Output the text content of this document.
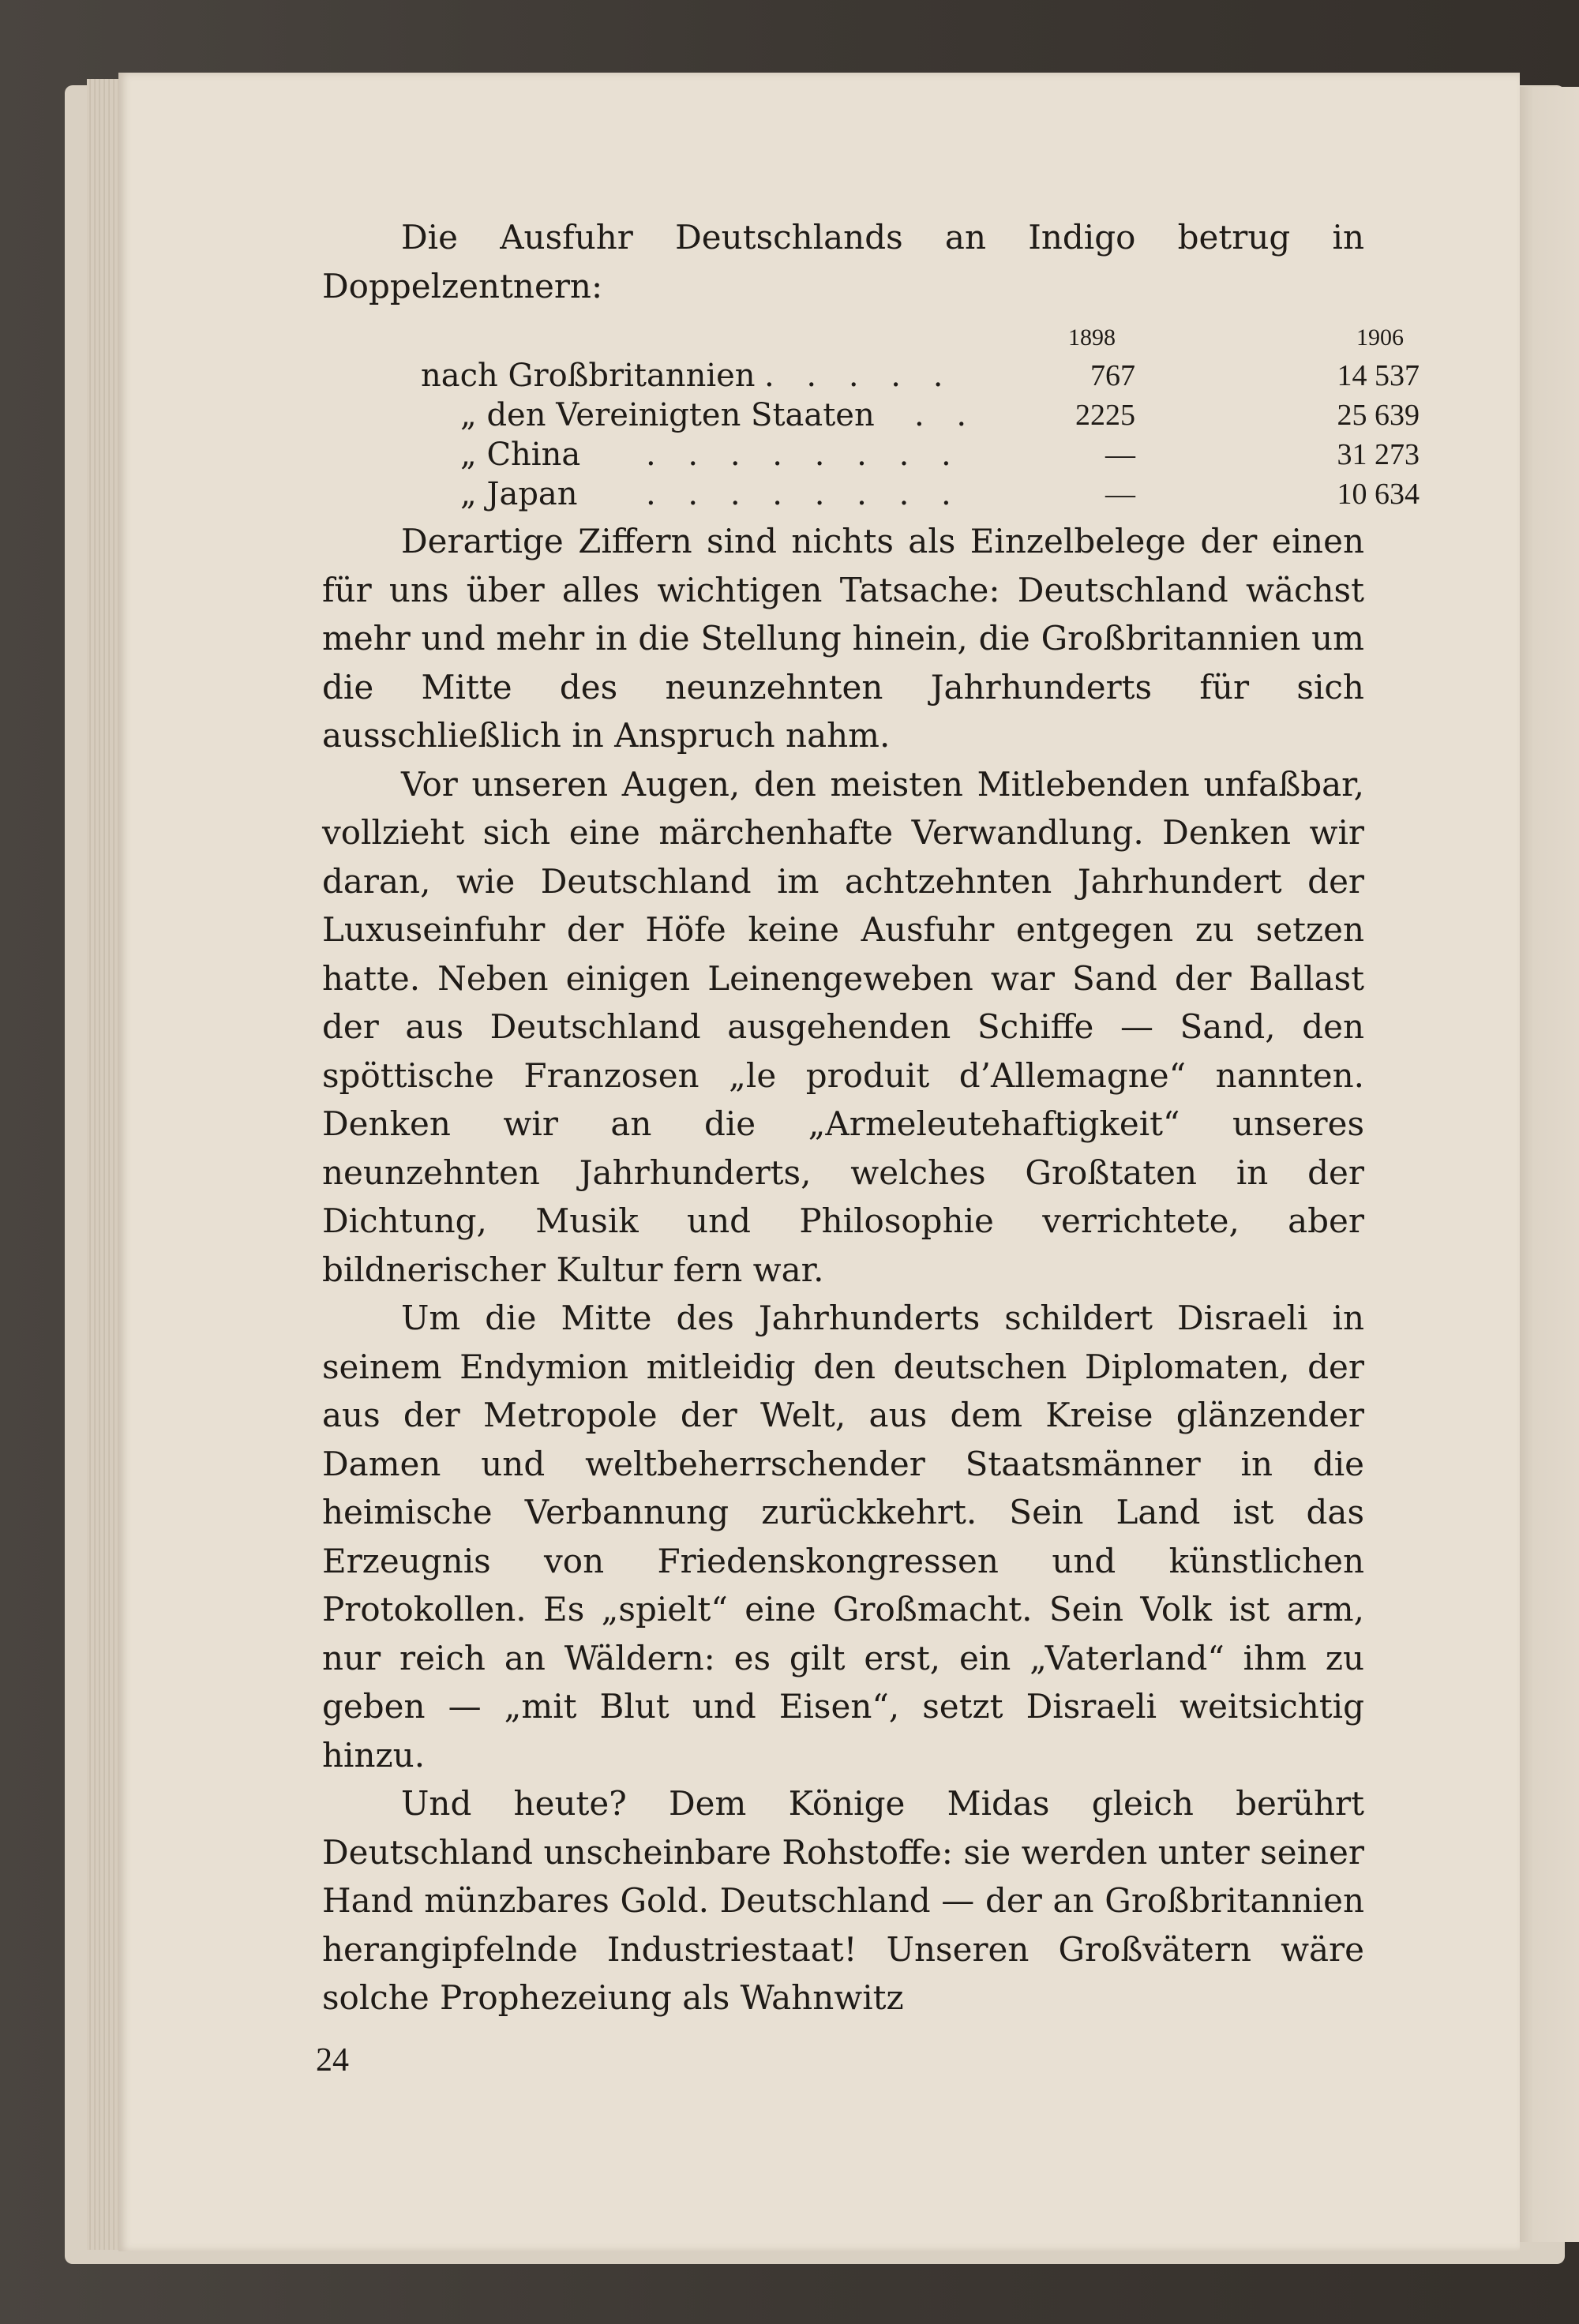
Die Ausfuhr Deutschlands an Indigo betrug in Doppelzentnern:

1898	1906
nach Großbritannien . . . . .	767	14 537
„ den Vereinigten Staaten . .	2225	25 639
„ China . . . . . . . .	—	31 273
„ Japan . . . . . . . .	—	10 634

Derartige Ziffern sind nichts als Einzelbelege der einen für uns über alles wichtigen Tatsache: Deutschland wächst mehr und mehr in die Stellung hinein, die Großbritannien um die Mitte des neunzehnten Jahrhunderts für sich ausschließlich in Anspruch nahm.

Vor unseren Augen, den meisten Mitlebenden unfaßbar, vollzieht sich eine märchenhafte Verwandlung. Denken wir daran, wie Deutschland im achtzehnten Jahrhundert der Luxuseinfuhr der Höfe keine Ausfuhr entgegen zu setzen hatte. Neben einigen Leinengeweben war Sand der Ballast der aus Deutschland ausgehenden Schiffe — Sand, den spöttische Franzosen „le produit d’Allemagne“ nannten. Denken wir an die „Armeleutehaftigkeit“ unseres neunzehnten Jahrhunderts, welches Großtaten in der Dichtung, Musik und Philosophie verrichtete, aber bildnerischer Kultur fern war.

Um die Mitte des Jahrhunderts schildert Disraeli in seinem Endymion mitleidig den deutschen Diplomaten, der aus der Metropole der Welt, aus dem Kreise glänzender Damen und weltbeherrschender Staatsmänner in die heimische Verbannung zurückkehrt. Sein Land ist das Erzeugnis von Friedenskongressen und künstlichen Protokollen. Es „spielt“ eine Großmacht. Sein Volk ist arm, nur reich an Wäldern: es gilt erst, ein „Vaterland“ ihm zu geben — „mit Blut und Eisen“, setzt Disraeli weitsichtig hinzu.

Und heute? Dem Könige Midas gleich berührt Deutschland unscheinbare Rohstoffe: sie werden unter seiner Hand münzbares Gold. Deutschland — der an Großbritannien herangipfelnde Industriestaat! Unseren Großvätern wäre solche Prophezeiung als Wahnwitz

24
